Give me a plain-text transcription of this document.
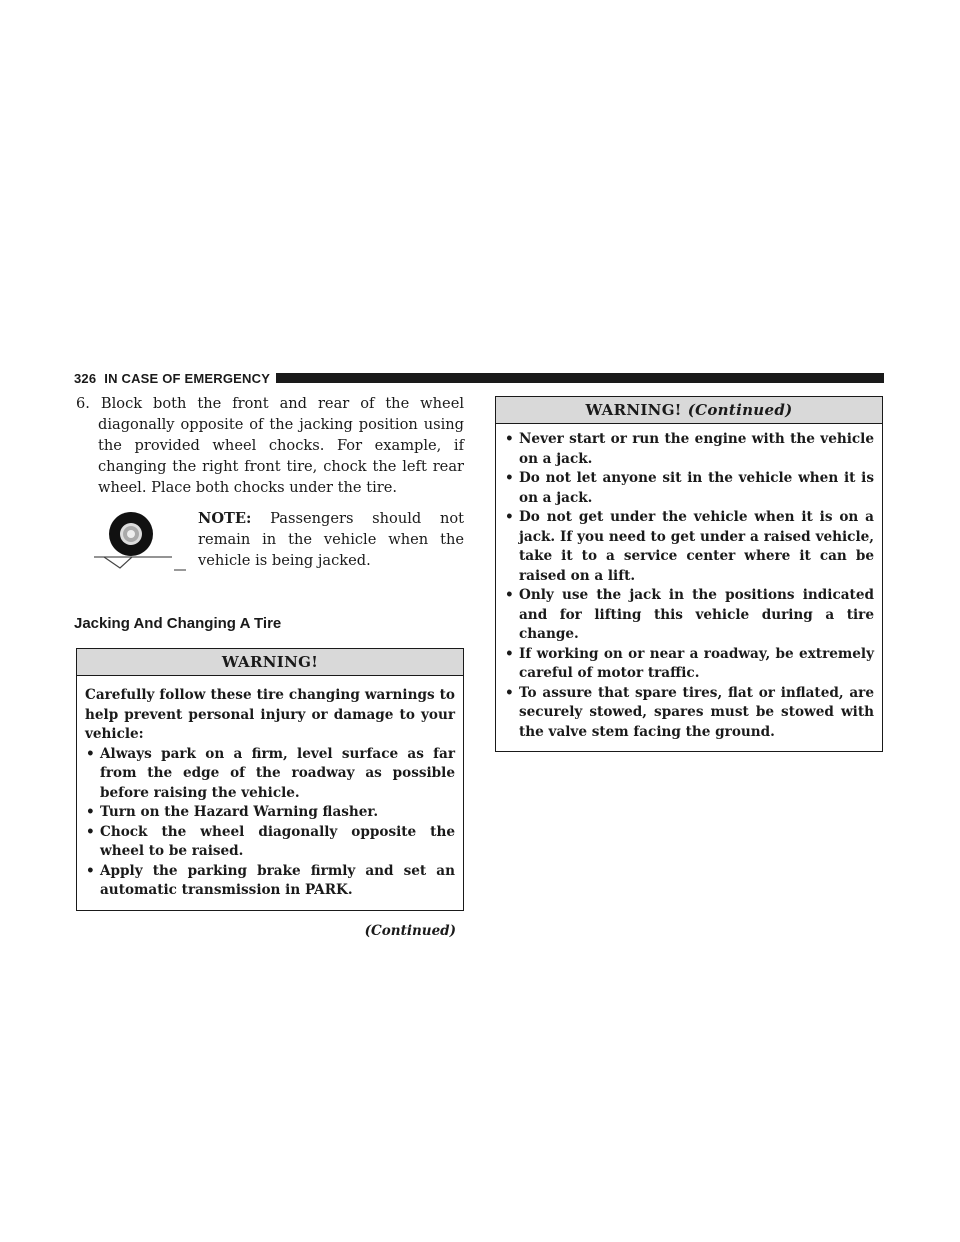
326 IN CASE OF EMERGENCY

6. Block both the front and rear of the wheel diagonally opposite of the jacking position using the provided wheel chocks. For example, if changing the right front tire, chock the left rear wheel. Place both chocks under the tire.

NOTE: Passengers should not remain in the vehicle when the vehicle is being jacked.

Jacking And Changing A Tire
WARNING!

Carefully follow these tire changing warnings to help prevent personal injury or damage to your vehicle:

• Always park on a firm, level surface as far from the edge of the roadway as possible before raising the vehicle.
• Turn on the Hazard Warning flasher.
• Chock the wheel diagonally opposite the wheel to be raised.
• Apply the parking brake firmly and set an automatic transmission in PARK.
(Continued)
WARNING! (Continued)
• Never start or run the engine with the vehicle on a jack.
• Do not let anyone sit in the vehicle when it is on a jack.
• Do not get under the vehicle when it is on a jack. If you need to get under a raised vehicle, take it to a service center where it can be raised on a lift.
• Only use the jack in the positions indicated and for lifting this vehicle during a tire change.
• If working on or near a roadway, be extremely careful of motor traffic.
• To assure that spare tires, flat or inflated, are securely stowed, spares must be stowed with the valve stem facing the ground.
